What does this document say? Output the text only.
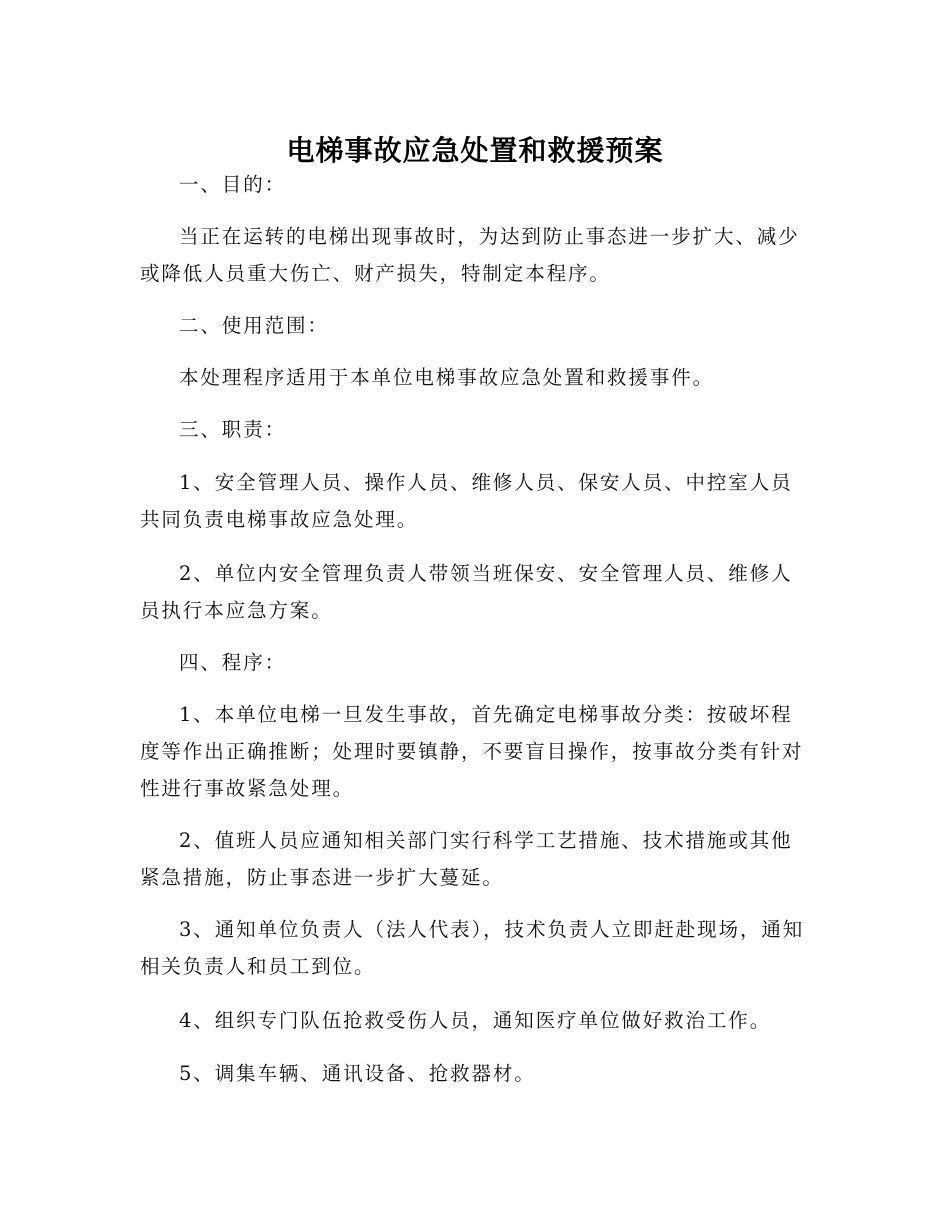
电梯事故应急处置和救援预案

一、目的：

当正在运转的电梯出现事故时，为达到防止事态进一步扩大、减少或降低人员重大伤亡、财产损失，特制定本程序。

二、使用范围：

本处理程序适用于本单位电梯事故应急处置和救援事件。

三、职责：

1、安全管理人员、操作人员、维修人员、保安人员、中控室人员共同负责电梯事故应急处理。

2、单位内安全管理负责人带领当班保安、安全管理人员、维修人员执行本应急方案。

四、程序：

1、本单位电梯一旦发生事故，首先确定电梯事故分类：按破坏程度等作出正确推断；处理时要镇静，不要盲目操作，按事故分类有针对性进行事故紧急处理。

2、值班人员应通知相关部门实行科学工艺措施、技术措施或其他紧急措施，防止事态进一步扩大蔓延。

3、通知单位负责人（法人代表），技术负责人立即赶赴现场，通知相关负责人和员工到位。

4、组织专门队伍抢救受伤人员，通知医疗单位做好救治工作。

5、调集车辆、通讯设备、抢救器材。
